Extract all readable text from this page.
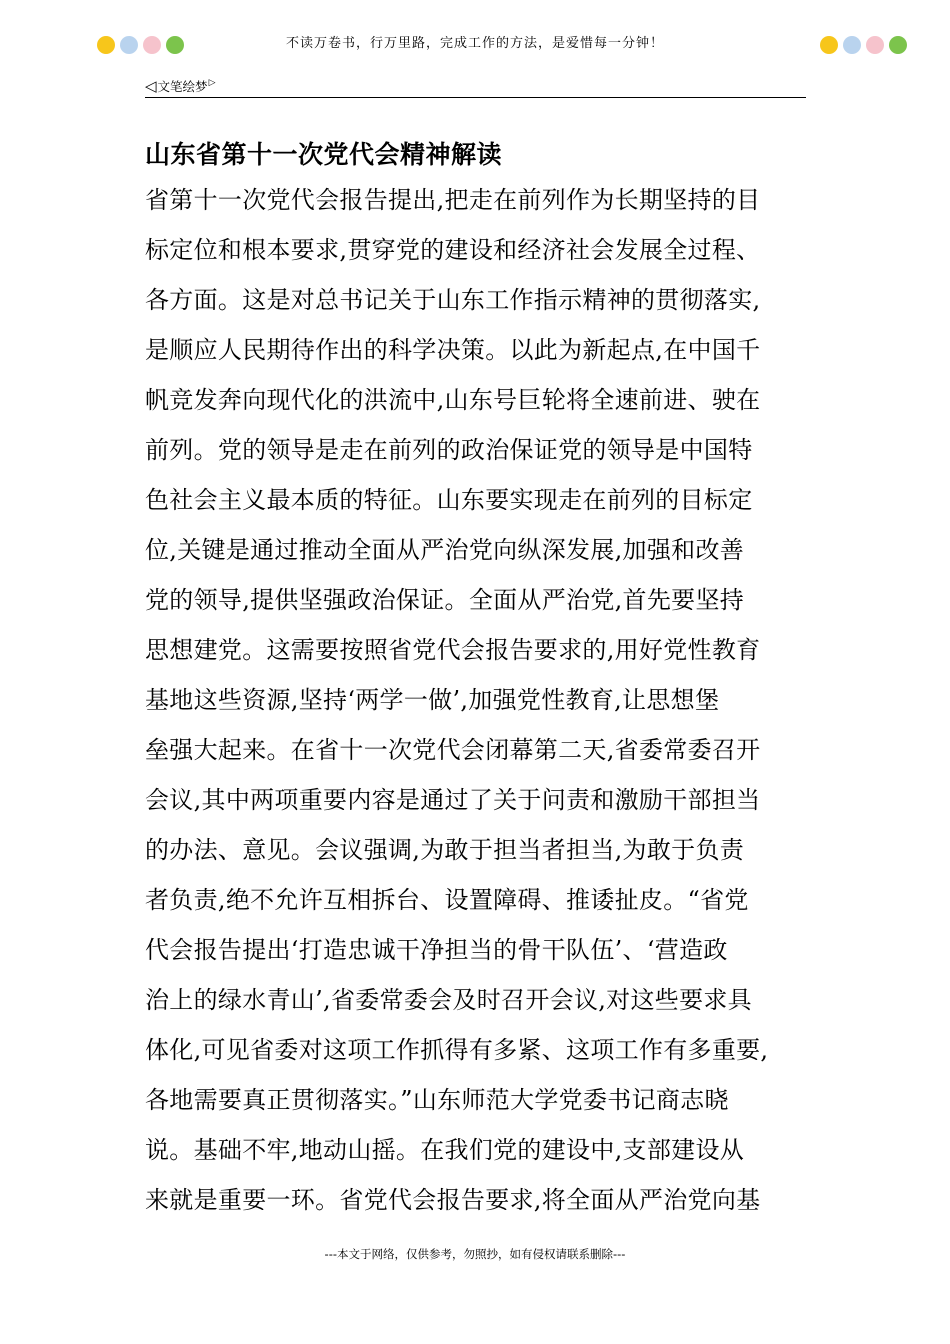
不读万卷书，行万里路，完成工作的方法，是爱惜每一分钟！
◁ 文笔绘梦 ▷
山东省第十一次党代会精神解读
省第十一次党代会报告提出,把走在前列作为长期坚持的目
标定位和根本要求,贯穿党的建设和经济社会发展全过程、
各方面。这是对总书记关于山东工作指示精神的贯彻落实,
是顺应人民期待作出的科学决策。以此为新起点,在中国千
帆竞发奔向现代化的洪流中,山东号巨轮将全速前进、驶在
前列。党的领导是走在前列的政治保证党的领导是中国特
色社会主义最本质的特征。山东要实现走在前列的目标定
位,关键是通过推动全面从严治党向纵深发展,加强和改善
党的领导,提供坚强政治保证。全面从严治党,首先要坚持
思想建党。这需要按照省党代会报告要求的,用好党性教育
基地这些资源,坚持‘两学一做’,加强党性教育,让思想堡
垒强大起来。在省十一次党代会闭幕第二天,省委常委召开
会议,其中两项重要内容是通过了关于问责和激励干部担当
的办法、意见。会议强调,为敢于担当者担当,为敢于负责
者负责,绝不允许互相拆台、设置障碍、推诿扯皮。“省党
代会报告提出‘打造忠诚干净担当的骨干队伍’、‘营造政
治上的绿水青山’,省委常委会及时召开会议,对这些要求具
体化,可见省委对这项工作抓得有多紧、这项工作有多重要,
各地需要真正贯彻落实。”山东师范大学党委书记商志晓
说。基础不牢,地动山摇。在我们党的建设中,支部建设从
来就是重要一环。省党代会报告要求,将全面从严治党向基
---本文于网络，仅供参考，勿照抄，如有侵权请联系删除---
